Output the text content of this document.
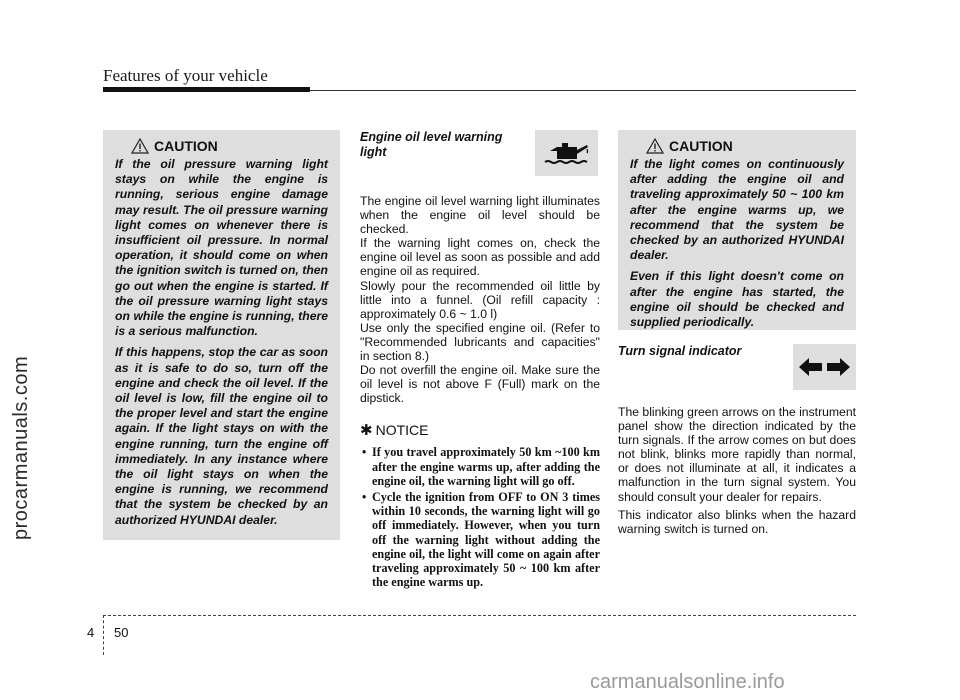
Features of your vehicle
procarmanuals.com
CAUTION

If the oil pressure warning light stays on while the engine is running, serious engine damage may result. The oil pressure warning light comes on whenever there is insufficient oil pressure. In normal operation, it should come on when the ignition switch is turned on, then go out when the engine is started. If the oil pressure warning light stays on while the engine is running, there is a serious malfunction.

If this happens, stop the car as soon as it is safe to do so, turn off the engine and check the oil level. If the oil level is low, fill the engine oil to the proper level and start the engine again. If the light stays on with the engine running, turn the engine off immediately. In any instance where the oil light stays on when the engine is running, we recommend that the system be checked by an authorized HYUNDAI dealer.

Engine oil level warning light

The engine oil level warning light illuminates when the engine oil level should be checked.

If the warning light comes on, check the engine oil level as soon as possible and add engine oil as required.

Slowly pour the recommended oil little by little into a funnel. (Oil refill capacity : approximately 0.6 ~ 1.0 l)

Use only the specified engine oil. (Refer to "Recommended lubricants and capacities" in section 8.)

Do not overfill the engine oil. Make sure the oil level is not above F (Full) mark on the dipstick.

✱ NOTICE
• If you travel approximately 50 km ~100 km after the engine warms up, after adding the engine oil, the warning light will go off.
• Cycle the ignition from OFF to ON 3 times within 10 seconds, the warning light will go off immediately. However, when you turn off the warning light without adding the engine oil, the light will come on again after traveling approximately 50 ~ 100 km after the engine warms up.
CAUTION

If the light comes on continuously after adding the engine oil and traveling approximately 50 ~ 100 km after the engine warms up, we recommend that the system be checked by an authorized HYUNDAI dealer.

Even if this light doesn't come on after the engine has started, the engine oil should be checked and supplied periodically.

Turn signal indicator

The blinking green arrows on the instrument panel show the direction indicated by the turn signals. If the arrow comes on but does not blink, blinks more rapidly than normal, or does not illuminate at all, it indicates a malfunction in the turn signal system. You should consult your dealer for repairs.

This indicator also blinks when the hazard warning switch is turned on.

4 50
carmanualsonline.info
